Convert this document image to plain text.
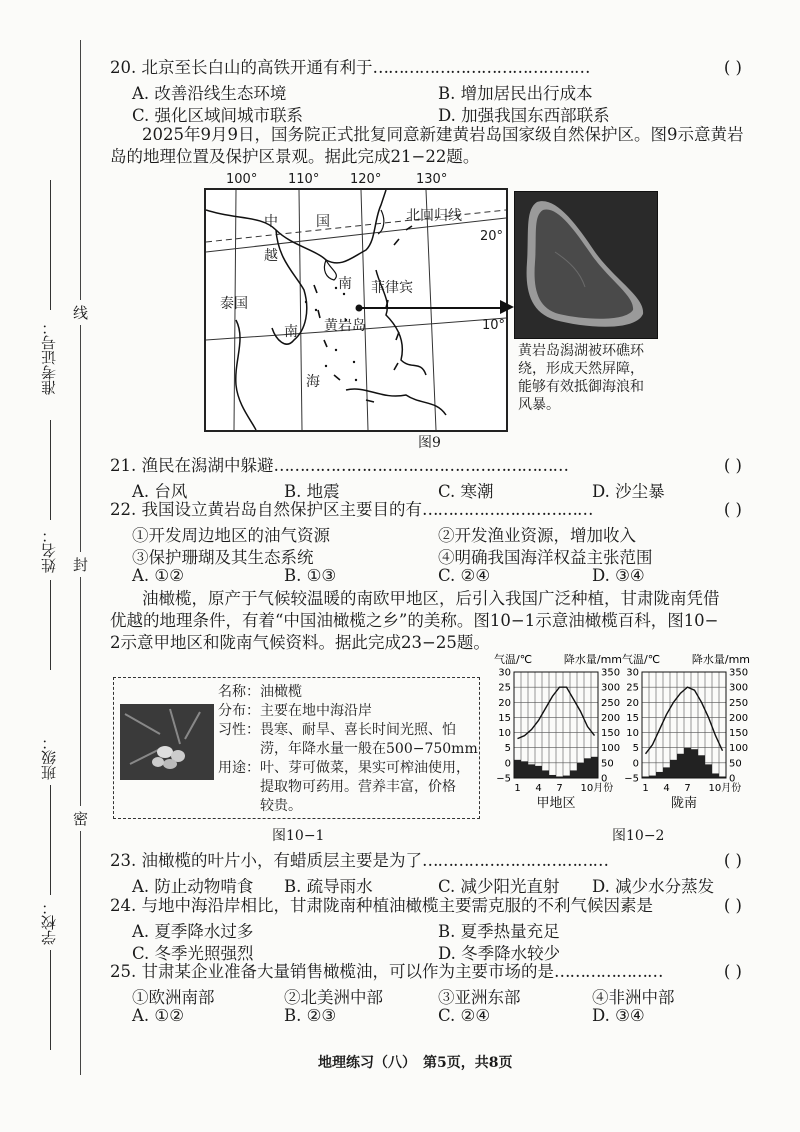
准考证号：
姓名：
班级：
学校：
线
封
密
20. 北京至长白山的高铁开通有利于……………………………………	( )
A. 改善沿线生态环境	B. 增加居民出行成本
C. 强化区域间城市联系	D. 加强我国东西部联系
2025年9月9日，国务院正式批复同意新建黄岩岛国家级自然保护区。图9示意黄岩
岛的地理位置及保护区景观。据此完成21−22题。
100° 110° 120°	130°
中	国	北回归线
越
南 菲律宾
泰国
黄岩岛
南
海
20°
10°
黄岩岛潟湖被环礁环
绕，形成天然屏障，
能够有效抵御海浪和
风暴。
图9
21. 渔民在潟湖中躲避…………………………………………………	( )
A. 台风	B. 地震	C. 寒潮	D. 沙尘暴
22. 我国设立黄岩岛自然保护区主要目的有……………………………	( )
①开发周边地区的油气资源	②开发渔业资源，增加收入
③保护珊瑚及其生态系统	④明确我国海洋权益主张范围
A. ①②	B. ①③	C. ②④	D. ③④
油橄榄，原产于气候较温暖的南欧甲地区，后引入我国广泛种植，甘肃陇南凭借
优越的地理条件，有着“中国油橄榄之乡”的美称。图10−1示意油橄榄百科，图10−
2示意甲地区和陇南气候资料。据此完成23−25题。
名称：油橄榄
分布：主要在地中海沿岸
习性：畏寒、耐旱、喜长时间光照、怕
　　　涝，年降水量一般在500−750mm
用途：叶、芽可做菜，果实可榨油使用，
　　　提取物可药用。营养丰富，价格
　　　较贵。
图10−1
气温/℃	降水量/mm
30	350
25	300
20	250
15	200
10	150
5	100
0	50
−5	0
1 4 7 10月份
甲地区
气温/℃	降水量/mm
30	350
25	300
20	250
15	200
10	150
5	100
0	50
−5	0
1 4 7 10月份
陇南
图10−2
23. 油橄榄的叶片小，有蜡质层主要是为了………………………………	( )
A. 防止动物啃食 B. 疏导雨水	C. 减少阳光直射 D. 减少水分蒸发
24. 与地中海沿岸相比，甘肃陇南种植油橄榄主要需克服的不利气候因素是	( )
A. 夏季降水过多	B. 夏季热量充足
C. 冬季光照强烈	D. 冬季降水较少
25. 甘肃某企业准备大量销售橄榄油，可以作为主要市场的是…………………	( )
①欧洲南部	②北美洲中部	③亚洲东部	④非洲中部
A. ①②	B. ②③	C. ②④	D. ③④
地理练习（八）　第5页，共8页
